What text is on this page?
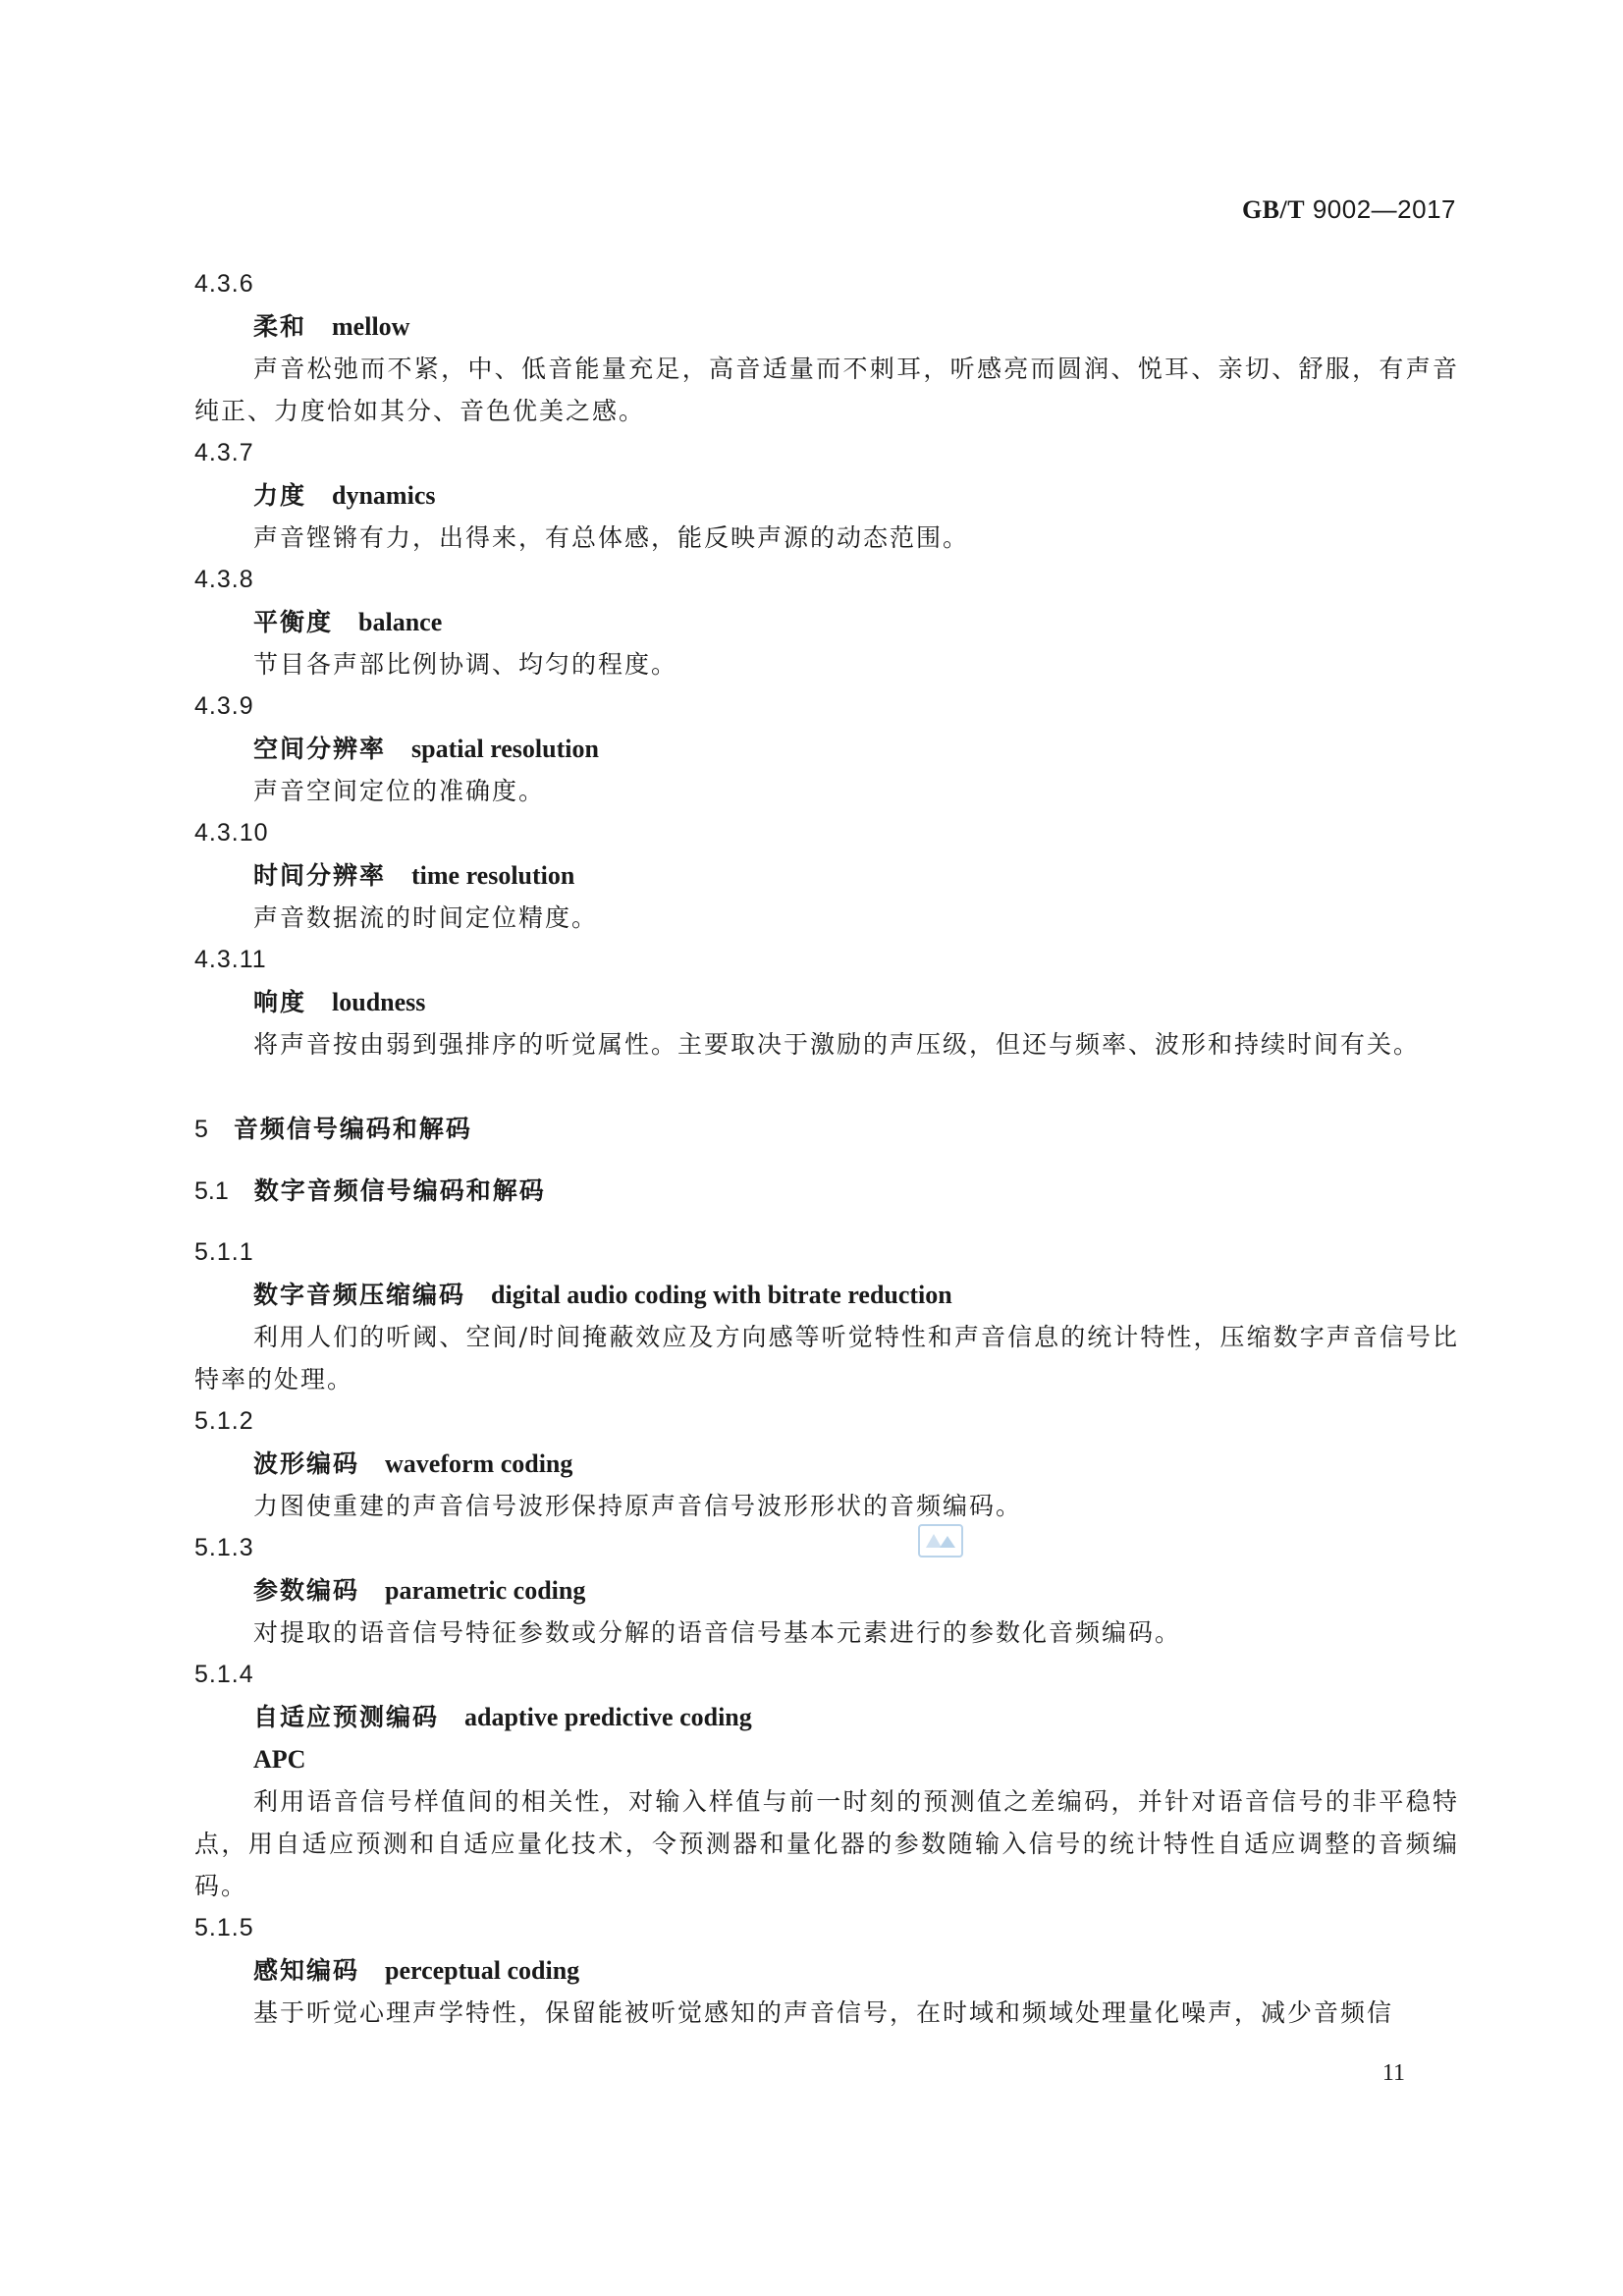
GB/T 9002—2017
4.3.6
柔和 mellow
声音松弛而不紧，中、低音能量充足，高音适量而不刺耳，听感亮而圆润、悦耳、亲切、舒服，有声音纯正、力度恰如其分、音色优美之感。
4.3.7
力度 dynamics
声音铿锵有力，出得来，有总体感，能反映声源的动态范围。
4.3.8
平衡度 balance
节目各声部比例协调、均匀的程度。
4.3.9
空间分辨率 spatial resolution
声音空间定位的准确度。
4.3.10
时间分辨率 time resolution
声音数据流的时间定位精度。
4.3.11
响度 loudness
将声音按由弱到强排序的听觉属性。主要取决于激励的声压级，但还与频率、波形和持续时间有关。
5 音频信号编码和解码
5.1 数字音频信号编码和解码
5.1.1
数字音频压缩编码 digital audio coding with bitrate reduction
利用人们的听阈、空间/时间掩蔽效应及方向感等听觉特性和声音信息的统计特性，压缩数字声音信号比特率的处理。
5.1.2
波形编码 waveform coding
力图使重建的声音信号波形保持原声音信号波形形状的音频编码。
5.1.3
参数编码 parametric coding
对提取的语音信号特征参数或分解的语音信号基本元素进行的参数化音频编码。
5.1.4
自适应预测编码 adaptive predictive coding
APC
利用语音信号样值间的相关性，对输入样值与前一时刻的预测值之差编码，并针对语音信号的非平稳特点，用自适应预测和自适应量化技术，令预测器和量化器的参数随输入信号的统计特性自适应调整的音频编码。
5.1.5
感知编码 perceptual coding
基于听觉心理声学特性，保留能被听觉感知的声音信号，在时域和频域处理量化噪声，减少音频信
11
